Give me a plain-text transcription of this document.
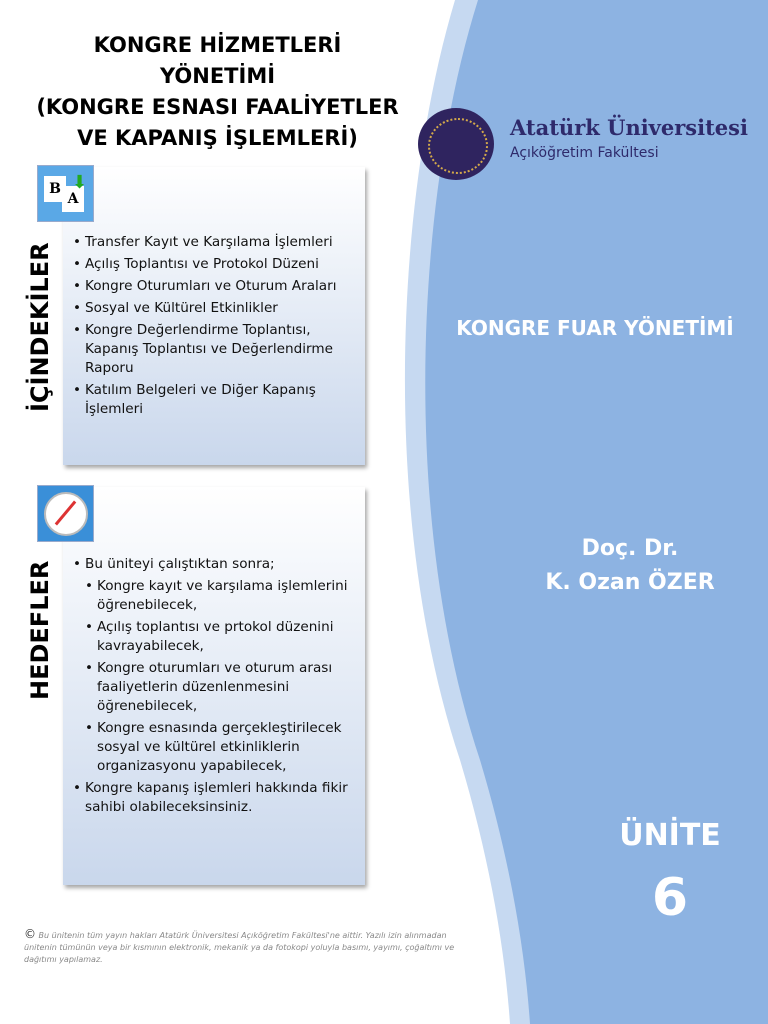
KONGRE HİZMETLERİ
YÖNETİMİ
(KONGRE ESNASI FAALİYETLER
VE KAPANIŞ İŞLEMLERİ)
• Transfer Kayıt ve Karşılama İşlemleri
• Açılış Toplantısı ve Protokol Düzeni
• Kongre Oturumları ve Oturum Araları
• Sosyal ve Kültürel Etkinlikler
• Kongre Değerlendirme Toplantısı, Kapanış Toplantısı ve Değerlendirme Raporu
• Katılım Belgeleri ve Diğer Kapanış İşlemleri
B
A
⬇
İÇİNDEKİLER
• Bu üniteyi çalıştıktan sonra;
• Kongre kayıt ve karşılama işlemlerini öğrenebilecek,
• Açılış toplantısı ve prtokol düzenini kavrayabilecek,
• Kongre oturumları ve oturum arası faaliyetlerin düzenlenmesini öğrenebilecek,
• Kongre esnasında gerçekleştirilecek sosyal ve kültürel etkinliklerin organizasyonu yapabilecek,
• Kongre kapanış işlemleri hakkında fikir sahibi olabileceksinsiniz.
HEDEFLER
Atatürk Üniversitesi
Açıköğretim Fakültesi
KONGRE FUAR YÖNETİMİ
Doç. Dr.
K. Ozan ÖZER
ÜNİTE
6
© Bu ünitenin tüm yayın hakları Atatürk Üniversitesi Açıköğretim Fakültesi'ne aittir. Yazılı izin alınmadan ünitenin tümünün veya bir kısmının elektronik, mekanik ya da fotokopi yoluyla basımı, yayımı, çoğaltımı ve dağıtımı yapılamaz.
